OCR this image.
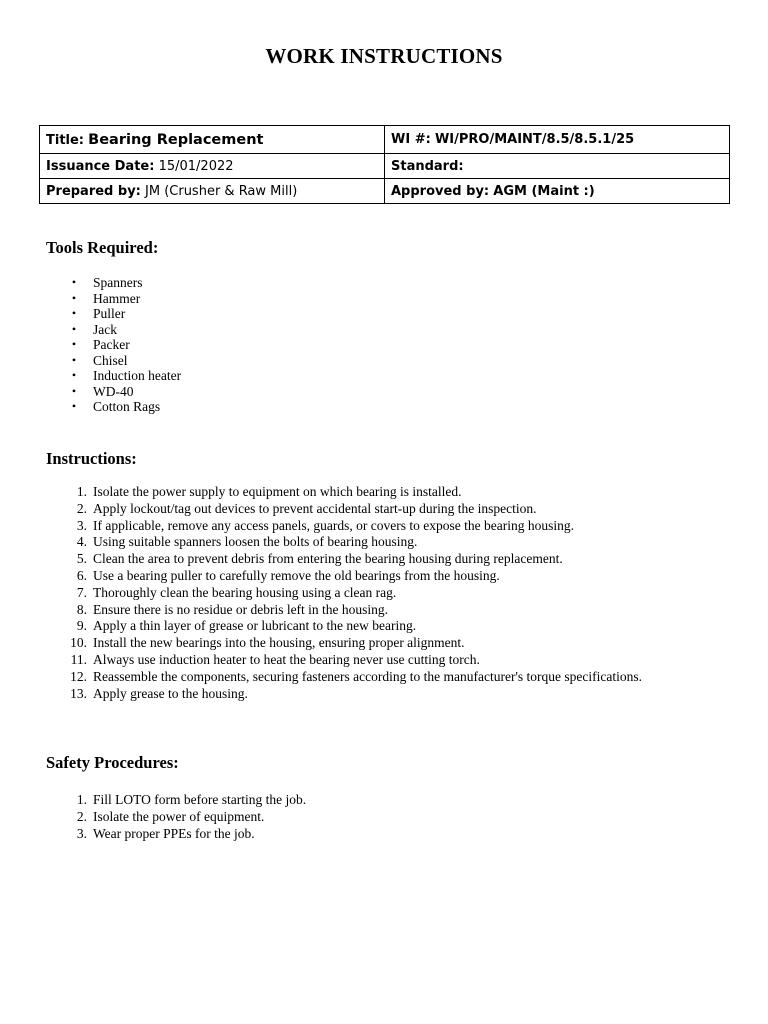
WORK INSTRUCTIONS
Title: Bearing Replacement	WI #: WI/PRO/MAINT/8.5/8.5.1/25
Issuance Date: 15/01/2022	Standard:
Prepared by: JM (Crusher & Raw Mill)	Approved by: AGM (Maint :)
Tools Required:
• Spanners
• Hammer
• Puller
• Jack
• Packer
• Chisel
• Induction heater
• WD-40
• Cotton Rags
Instructions:
1. Isolate the power supply to equipment on which bearing is installed.
2. Apply lockout/tag out devices to prevent accidental start-up during the inspection.
3. If applicable, remove any access panels, guards, or covers to expose the bearing housing.
4. Using suitable spanners loosen the bolts of bearing housing.
5. Clean the area to prevent debris from entering the bearing housing during replacement.
6. Use a bearing puller to carefully remove the old bearings from the housing.
7. Thoroughly clean the bearing housing using a clean rag.
8. Ensure there is no residue or debris left in the housing.
9. Apply a thin layer of grease or lubricant to the new bearing.
10. Install the new bearings into the housing, ensuring proper alignment.
11. Always use induction heater to heat the bearing never use cutting torch.
12. Reassemble the components, securing fasteners according to the manufacturer's torque specifications.
13. Apply grease to the housing.
Safety Procedures:
1. Fill LOTO form before starting the job.
2. Isolate the power of equipment.
3. Wear proper PPEs for the job.
